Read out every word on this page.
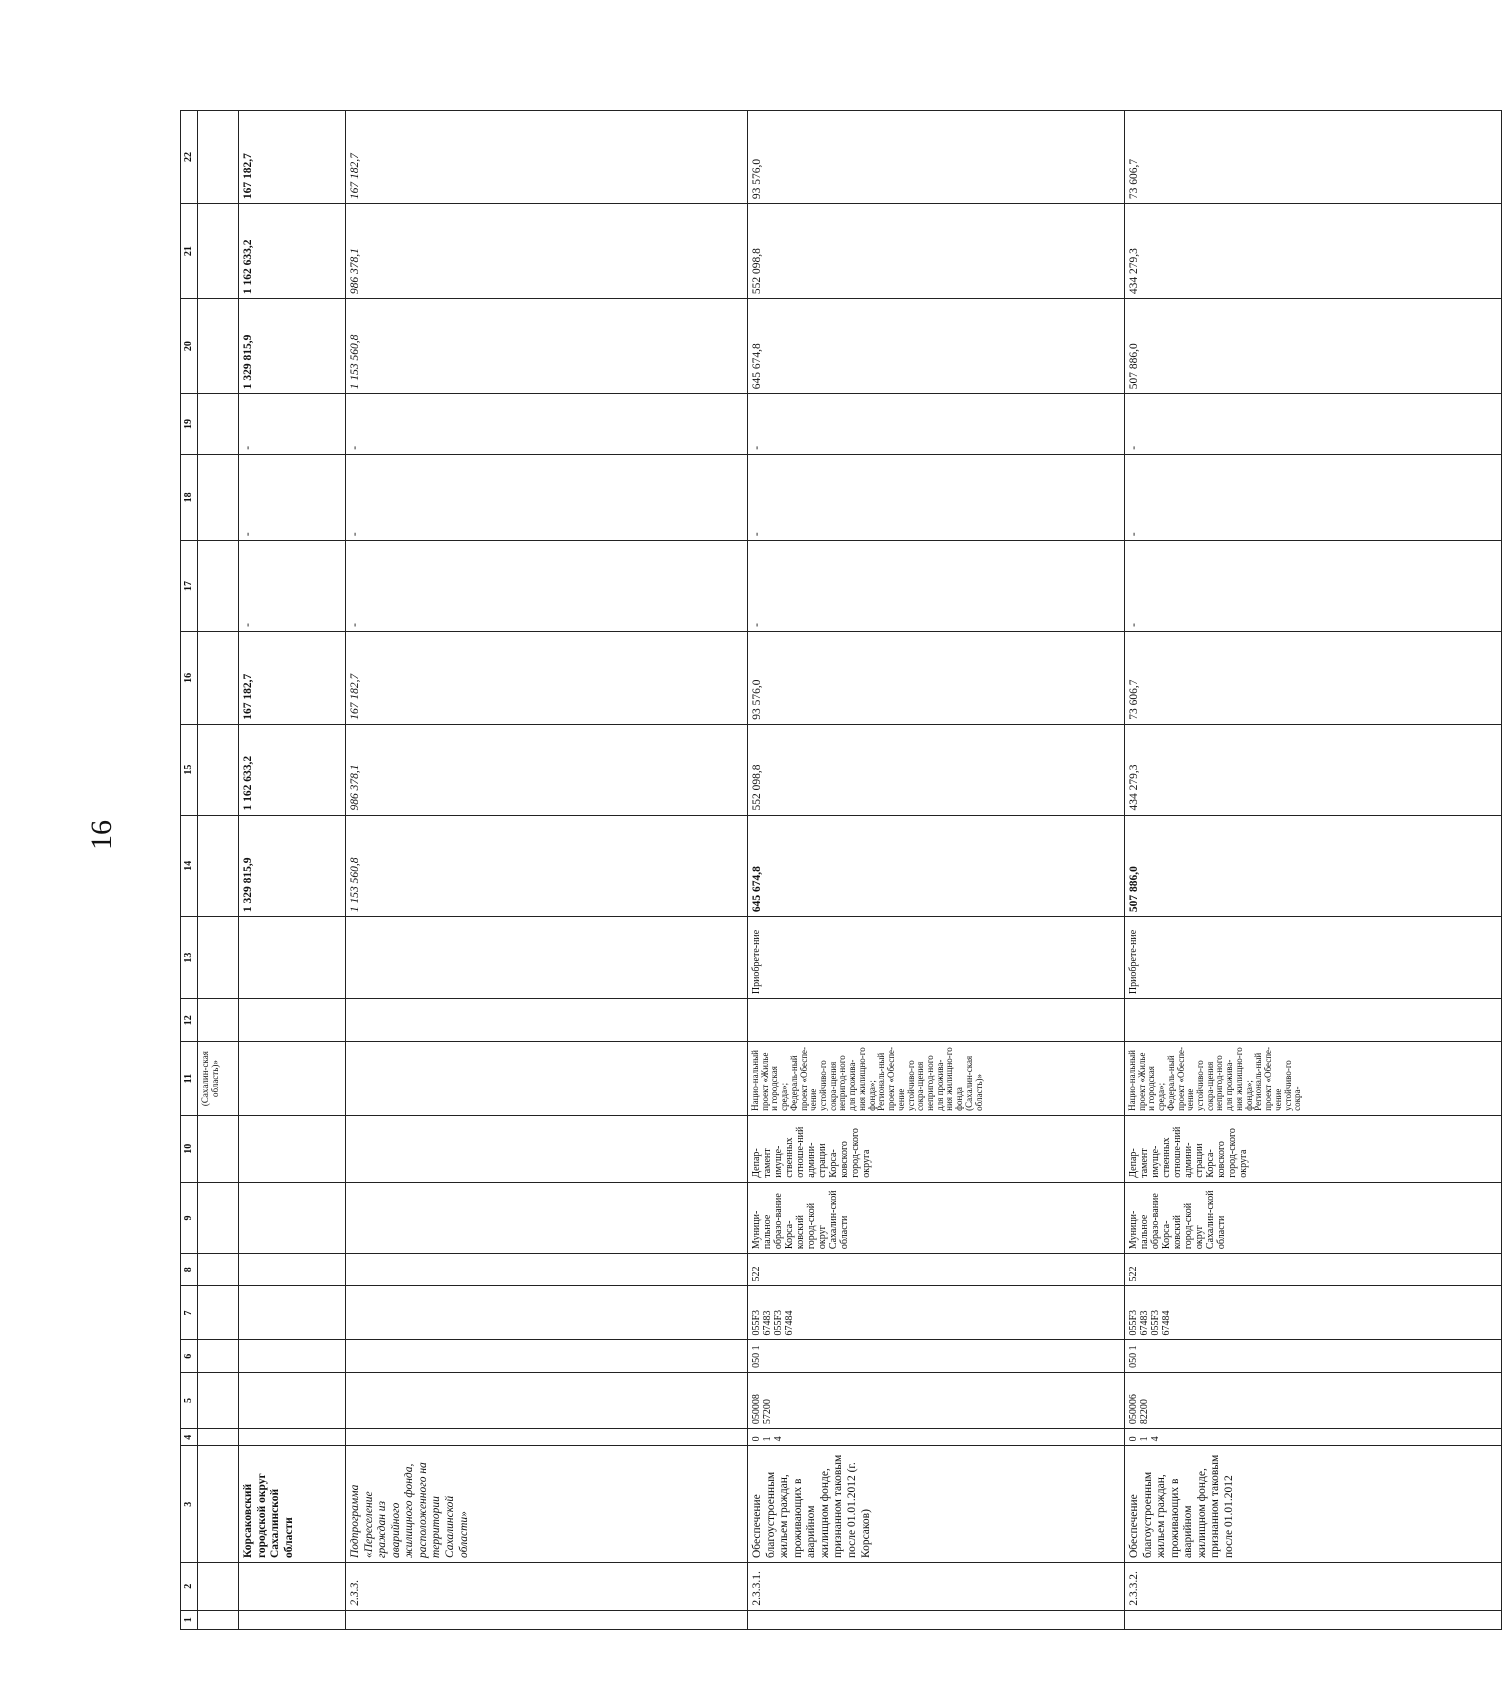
16
1	2	3	4	5	6	7	8	9	10	11	12	13	14	15	16	17	18	19	20	21	22
										(Сахалин-ская область)»											
		Корсаковский городской округ Сахалинской области											1 329 815,9	1 162 633,2	167 182,7	-	-	-	1 329 815,9	1 162 633,2	167 182,7
	2.3.3.	Подпрограмма «Переселение граждан из аварийного жилищного фонда, расположенного на территории Сахалинской области»											1 153 560,8	986 378,1	167 182,7	-	-	-	1 153 560,8	986 378,1	167 182,7
	2.3.3.1.	Обеспечение благоустроенным жильем граждан, проживающих в аварийном жилищном фонде, признанном таковым после 01.01.2012 (г. Корсаков)	0 1 4	050008 57200	050 1	055F3 67483 055F3 67484	522	Муници-пальное образо-вание Корса-ковский город-ской округ Сахалин-ской области	Депар-тамент имуще-ственных отноше-ний админи-страции Корса-ковского город-ского округа	Нацио-нальный проект «Жилье и городская среда»; Федераль-ный проект «Обеспе-чение устойчиво-го сокра-щения непригод-ного для прожива-ния жилищно-го фонда»; Региональ-ный проект «Обеспе-чение устойчиво-го сокра-щения непригод-ного для прожива-ния жилищно-го фонда (Сахалин-ская область)»		Приобрете-ние	645 674,8	552 098,8	93 576,0	-	-	-	645 674,8	552 098,8	93 576,0
	2.3.3.2.	Обеспечение благоустроенным жильем граждан, проживающих в аварийном жилищном фонде, признанном таковым после 01.01.2012	0 1 4	050006 82200	050 1	055F3 67483 055F3 67484	522	Муници-пальное образо-вание Корса-ковский город-ской округ Сахалин-ской области	Депар-тамент имуще-ственных отноше-ний админи-страции Корса-ковского город-ского округа	Нацио-нальный проект «Жилье и городская среда»; Федераль-ный проект «Обеспе-чение устойчиво-го сокра-щения непригод-ного для прожива-ния жилищно-го фонда»; Региональ-ный проект «Обеспе-чение устойчиво-го сокра-		Приобрете-ние	507 886,0	434 279,3	73 606,7	-	-	-	507 886,0	434 279,3	73 606,7
